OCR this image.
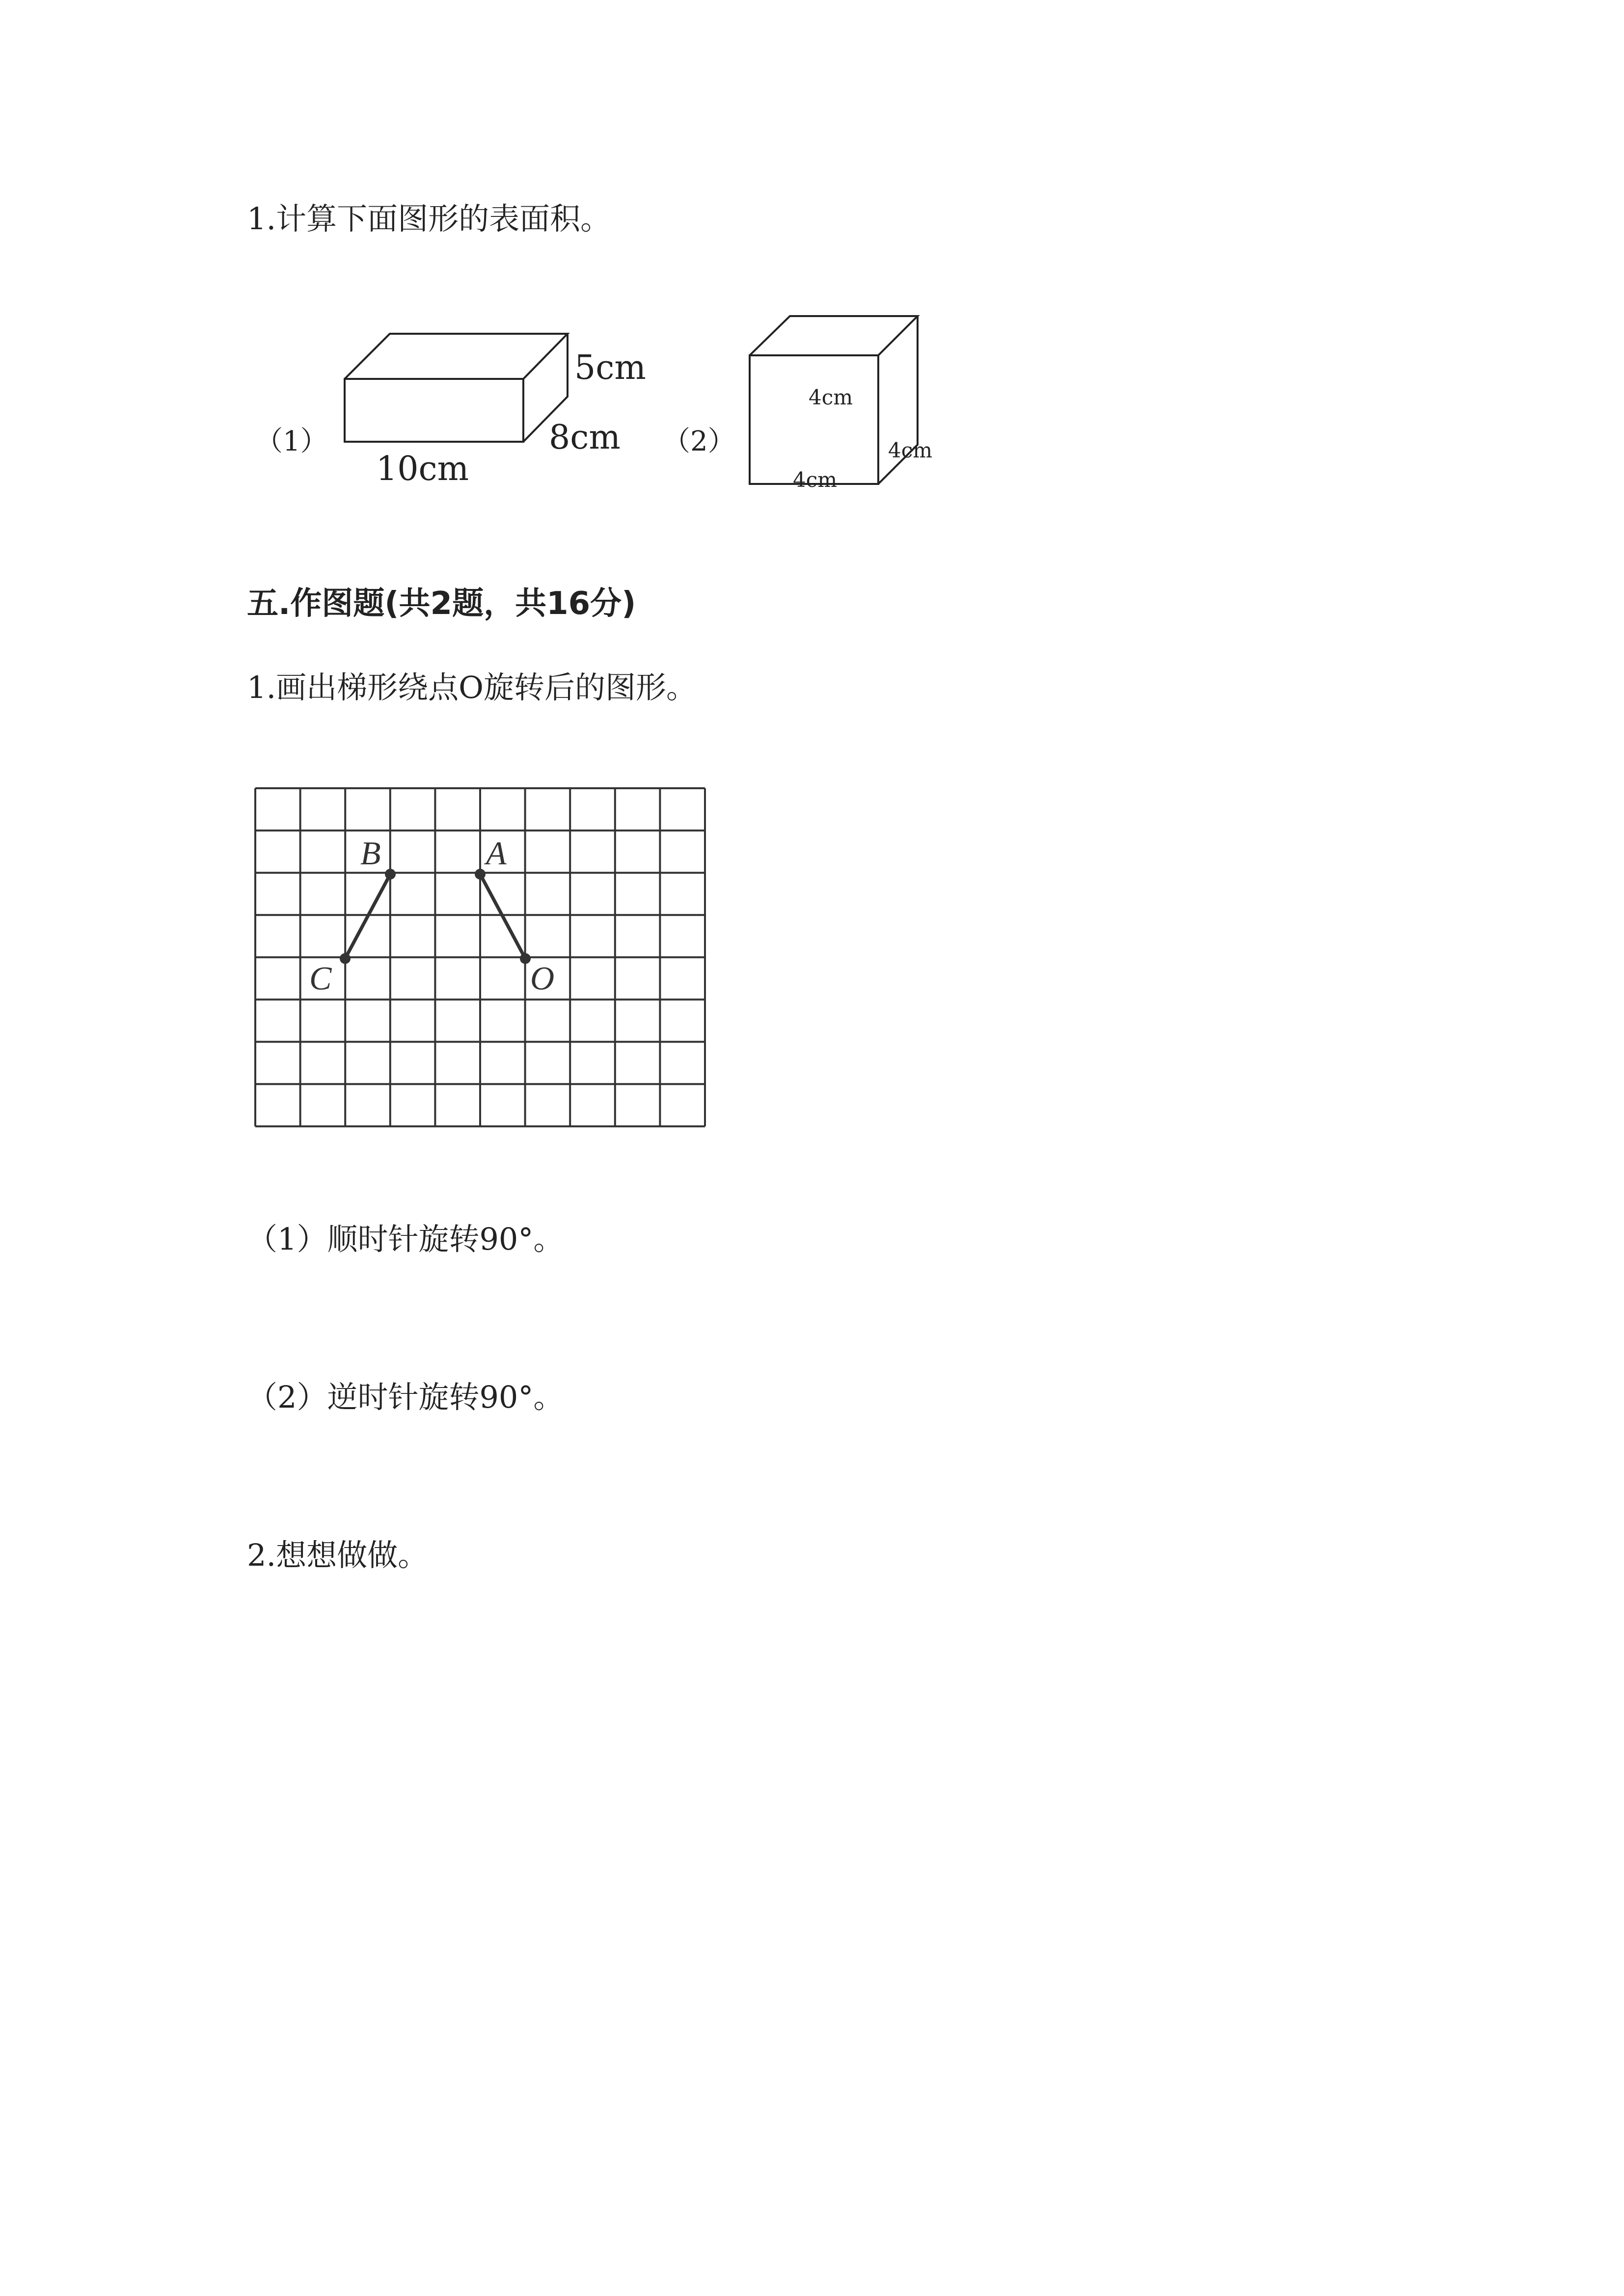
1.计算下面图形的表面积。
（1）
5cm
8cm
10cm
（2）
4cm
4cm
4cm
五.作图题(共2题，共16分)
1.画出梯形绕点O旋转后的图形。
B	A
C	O
（1）顺时针旋转90°。
（2）逆时针旋转90°。
2.想想做做。
